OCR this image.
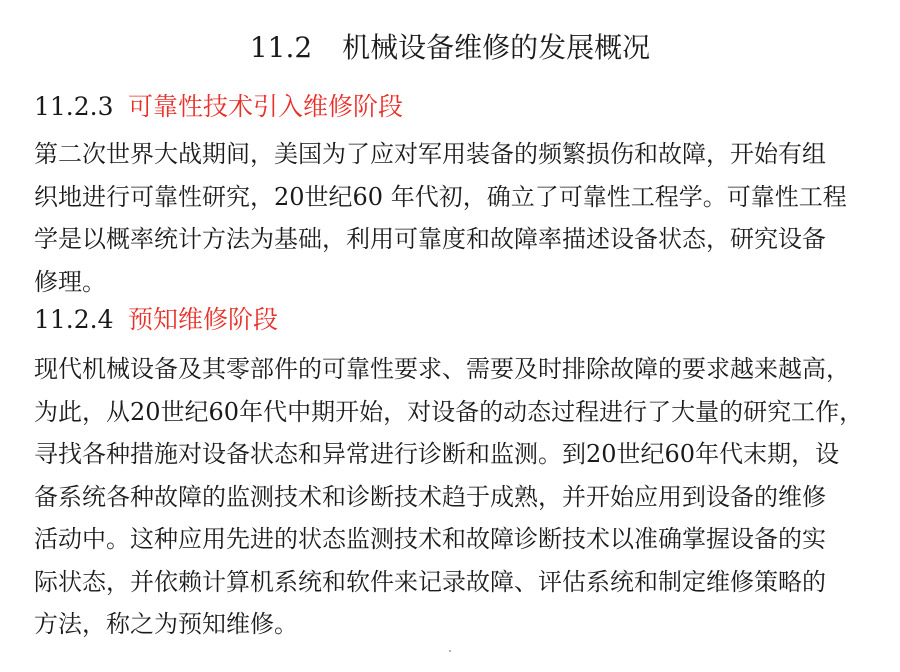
11.2 机械设备维修的发展概况
11.2.3 可靠性技术引入维修阶段
第二次世界大战期间，美国为了应对军用装备的频繁损伤和故障，开始有组
织地进行可靠性研究，20世纪60 年代初，确立了可靠性工程学。可靠性工程
学是以概率统计方法为基础，利用可靠度和故障率描述设备状态，研究设备
修理。
11.2.4 预知维修阶段
现代机械设备及其零部件的可靠性要求、需要及时排除故障的要求越来越高，
为此，从20世纪60年代中期开始，对设备的动态过程进行了大量的研究工作，
寻找各种措施对设备状态和异常进行诊断和监测。到20世纪60年代末期，设
备系统各种故障的监测技术和诊断技术趋于成熟，并开始应用到设备的维修
活动中。这种应用先进的状态监测技术和故障诊断技术以准确掌握设备的实
际状态，并依赖计算机系统和软件来记录故障、评估系统和制定维修策略的
方法，称之为预知维修。
